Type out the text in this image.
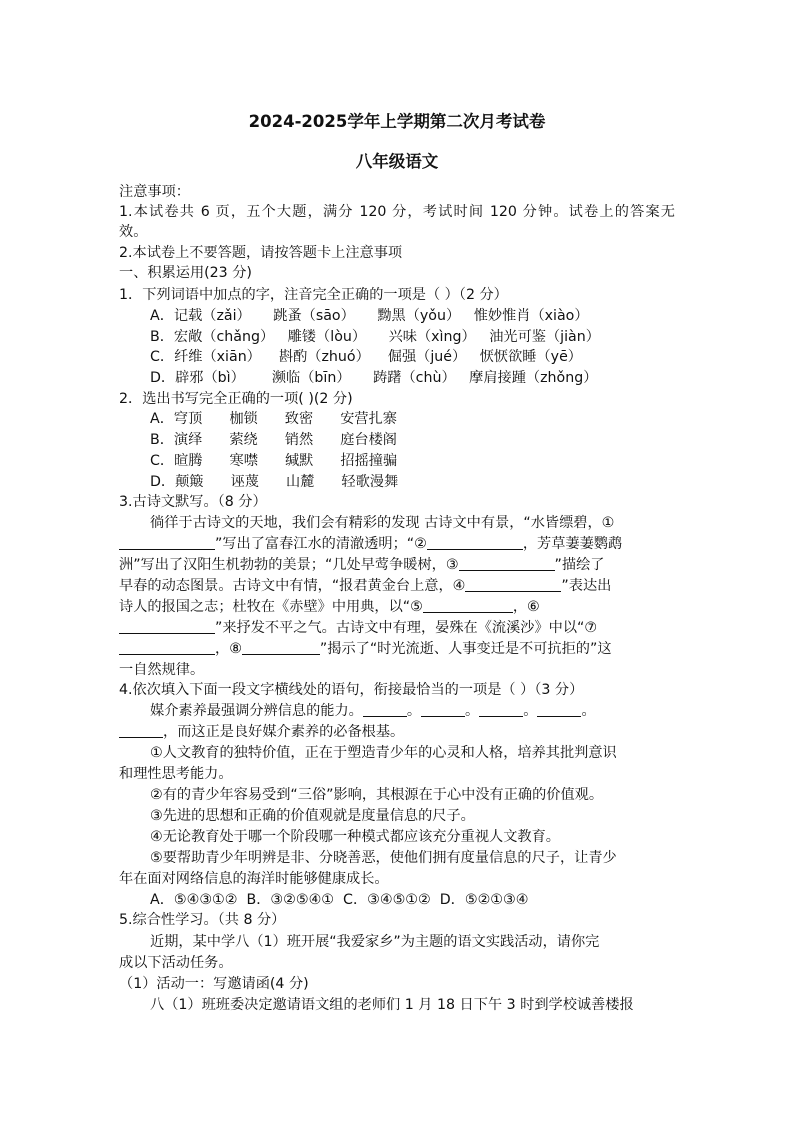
2024-2025学年上学期第二次月考试卷
八年级语文
注意事项：
1.本试卷共 6 页，五个大题，满分 120 分，考试时间 120 分钟。试卷上的答案无
效。
2.本试卷上不要答题，请按答题卡上注意事项
一、积累运用(23 分)
1．下列词语中加点的字，注音完全正确的一项是（ ）（2 分）
A．记载（zǎi）     跳蚤（sāo）     黝黑（yǒu）   惟妙惟肖（xiào）
B．宏敞（chǎng）   雕镂（lòu）     兴味（xìng）   油光可鉴（jiàn）
C．纤维（xiān）    斟酌（zhuó）    倔强（jué）   恹恹欲睡（yē）
D．辟邪（bì）      濒临（bīn）     踌躇（chù）   摩肩接踵（zhǒng）
2．选出书写完全正确的一项( )(2 分)
A．穹顶      枷锁      致密      安营扎寨
B．演绎      萦绕      销然      庭台楼阁
C．暄腾      寒噤      缄默      招摇撞骗
D．颠簸      诬蔑      山麓      轻歌漫舞
3.古诗文默写。（8 分）
徜徉于古诗文的天地，我们会有精彩的发现 古诗文中有景，“水皆缥碧，①
”写出了富春江水的清澈透明；“②	，芳草萋萋鹦鹉
洲”写出了汉阳生机勃勃的美景；“几处早莺争暖树，③	”描绘了
早春的动态图景。古诗文中有情，“报君黄金台上意，④	”表达出
诗人的报国之志；杜牧在《赤壁》中用典，以“⑤	，⑥
”来抒发不平之气。古诗文中有理，晏殊在《流溪沙》中以“⑦
，⑧	”揭示了“时光流逝、人事变迁是不可抗拒的”这
一自然规律。
4.依次填入下面一段文字横线处的语句，衔接最恰当的一项是（ ）（3 分）
媒介素养最强调分辨信息的能力。	。	。	。	。
，而这正是良好媒介素养的必备根基。
①人文教育的独特价值，正在于塑造青少年的心灵和人格，培养其批判意识
和理性思考能力。
②有的青少年容易受到“三俗”影响，其根源在于心中没有正确的价值观。
③先进的思想和正确的价值观就是度量信息的尺子。
④无论教育处于哪一个阶段哪一种模式都应该充分重视人文教育。
⑤要帮助青少年明辨是非、分晓善恶，使他们拥有度量信息的尺子，让青少
年在面对网络信息的海洋时能够健康成长。
A．⑤④③①②  B．③②⑤④①  C．③④⑤①②  D．⑤②①③④
5.综合性学习。（共 8 分）
近期，某中学八（1）班开展“我爱家乡”为主题的语文实践活动，请你完
成以下活动任务。
（1）活动一：写邀请函(4 分)
八（1）班班委决定邀请语文组的老师们 1 月 18 日下午 3 时到学校诚善楼报
